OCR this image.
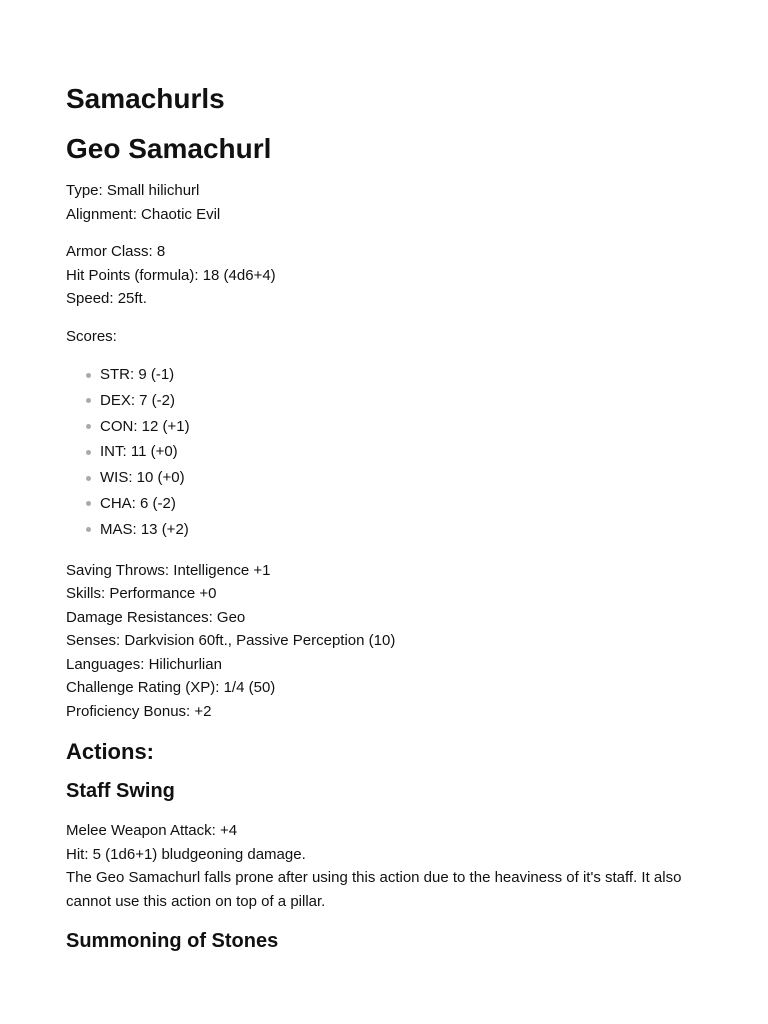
Samachurls
Geo Samachurl
Type: Small hilichurl
Alignment: Chaotic Evil
Armor Class: 8
Hit Points (formula): 18 (4d6+4)
Speed: 25ft.

Scores:

STR: 9 (-1)
DEX: 7 (-2)
CON: 12 (+1)
INT: 11 (+0)
WIS: 10 (+0)
CHA: 6 (-2)
MAS: 13 (+2)
Saving Throws: Intelligence +1
Skills: Performance +0
Damage Resistances: Geo
Senses: Darkvision 60ft., Passive Perception (10)
Languages: Hilichurlian
Challenge Rating (XP): 1/4 (50)
Proficiency Bonus: +2
Actions:
Staff Swing
Melee Weapon Attack: +4
Hit: 5 (1d6+1) bludgeoning damage.
The Geo Samachurl falls prone after using this action due to the heaviness of it's staff. It also cannot use this action on top of a pillar.
Summoning of Stones
